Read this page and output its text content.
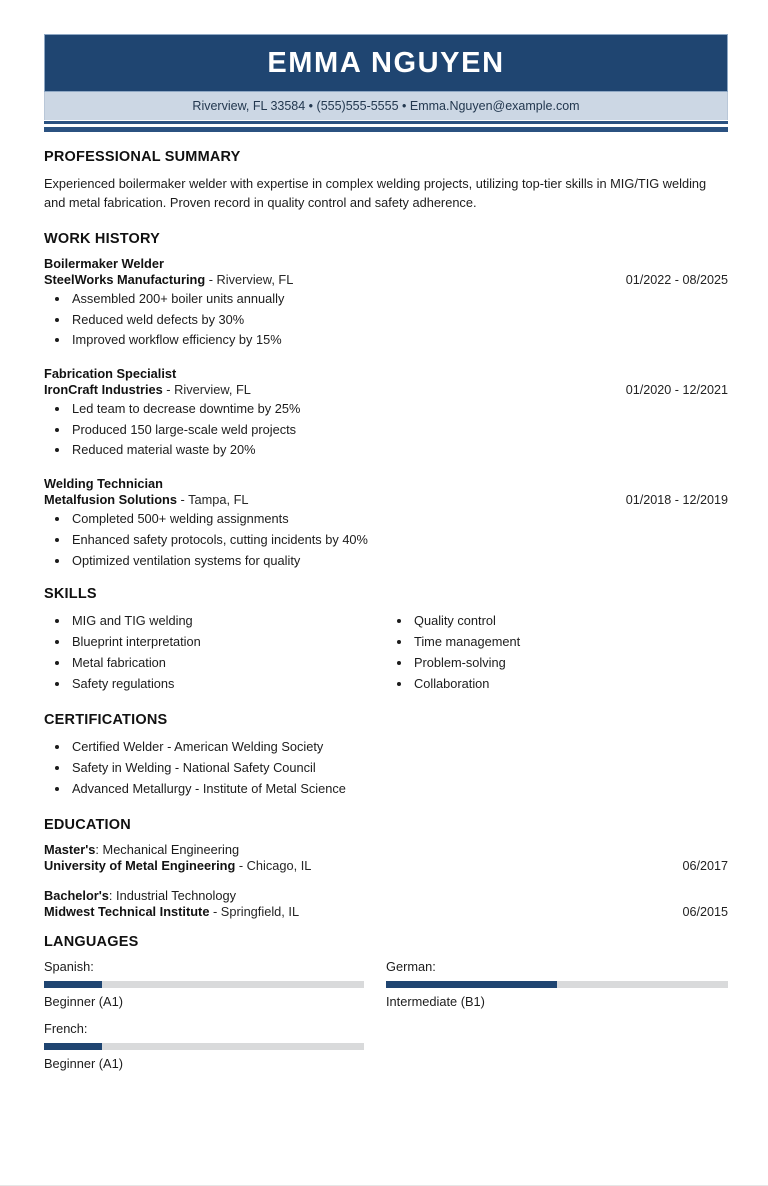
EMMA NGUYEN
Riverview, FL 33584 • (555)555-5555 • Emma.Nguyen@example.com
PROFESSIONAL SUMMARY

Experienced boilermaker welder with expertise in complex welding projects, utilizing top-tier skills in MIG/TIG welding and metal fabrication. Proven record in quality control and safety adherence.

WORK HISTORY
Boilermaker Welder
SteelWorks Manufacturing - Riverview, FL	01/2022 - 08/2025
• Assembled 200+ boiler units annually
• Reduced weld defects by 30%
• Improved workflow efficiency by 15%
Fabrication Specialist
IronCraft Industries - Riverview, FL	01/2020 - 12/2021
• Led team to decrease downtime by 25%
• Produced 150 large-scale weld projects
• Reduced material waste by 20%
Welding Technician
Metalfusion Solutions - Tampa, FL	01/2018 - 12/2019
• Completed 500+ welding assignments
• Enhanced safety protocols, cutting incidents by 40%
• Optimized ventilation systems for quality
SKILLS
• MIG and TIG welding
• Blueprint interpretation
• Metal fabrication
• Safety regulations
• Quality control
• Time management
• Problem-solving
• Collaboration
CERTIFICATIONS
• Certified Welder - American Welding Society
• Safety in Welding - National Safety Council
• Advanced Metallurgy - Institute of Metal Science
EDUCATION
Master's: Mechanical Engineering
University of Metal Engineering - Chicago, IL	06/2017
Bachelor's: Industrial Technology
Midwest Technical Institute - Springfield, IL	06/2015
LANGUAGES
Spanish:
Beginner (A1)
German:
Intermediate (B1)
French:
Beginner (A1)
